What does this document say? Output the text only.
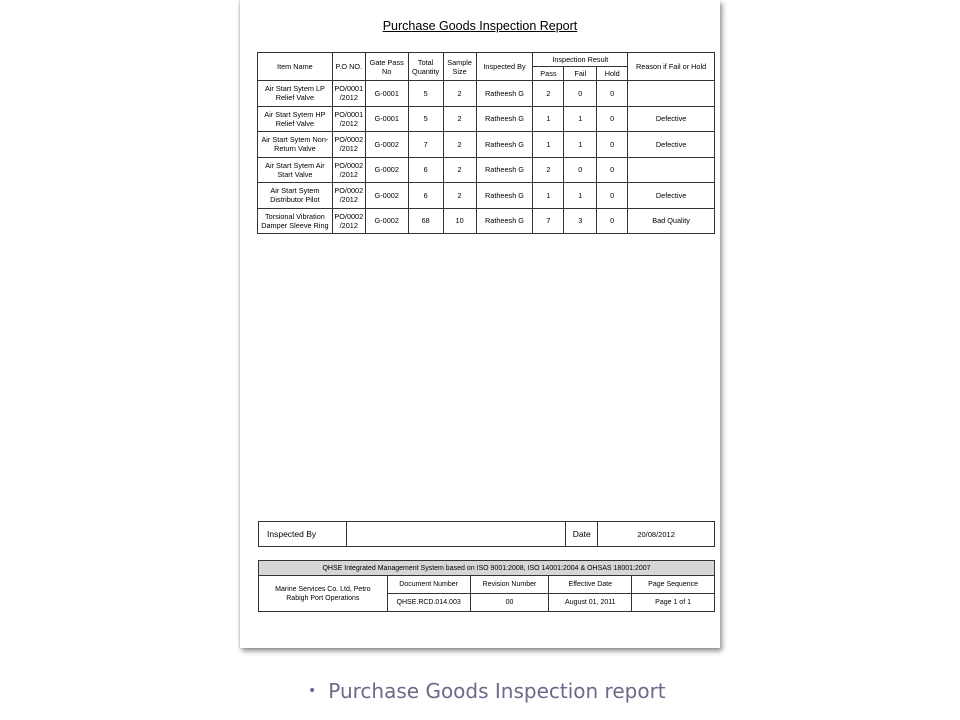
Purchase Goods Inspection Report
Item Name	P.O NO.	Gate Pass No	Total Quantity	Sample Size	Inspected By	Inspection Result			Reason if Fail or Hold
						Pass	Fail	Hold	
Air Start Sytem LP Relief Valve	PO/0001 /2012	G-0001	5	2	Ratheesh G	2	0	0	
Air Start Sytem HP Relief Valve	PO/0001 /2012	G-0001	5	2	Ratheesh G	1	1	0	Defective
Air Start Sytem Non-Return Valve	PO/0002 /2012	G-0002	7	2	Ratheesh G	1	1	0	Defective
Air Start Sytem Air Start Valve	PO/0002 /2012	G-0002	6	2	Ratheesh G	2	0	0	
Air Start Sytem Distributor Pilot	PO/0002 /2012	G-0002	6	2	Ratheesh G	1	1	0	Defective
Torsional Vibration Damper Sleeve Ring	PO/0002 /2012	G-0002	68	10	Ratheesh G	7	3	0	Bad Quality
Inspected By		Date	20/08/2012
QHSE Integrated Management System based on ISO 9001:2008, ISO 14001:2004 & OHSAS 18001:2007				
Marine Services Co. Ltd, Petro Rabigh Port Operations	Document Number	Revision Number	Effective Date	Page Sequence
	QHSE.RCD.014.003	00	August 01, 2011	Page 1 of 1
• Purchase Goods Inspection report
